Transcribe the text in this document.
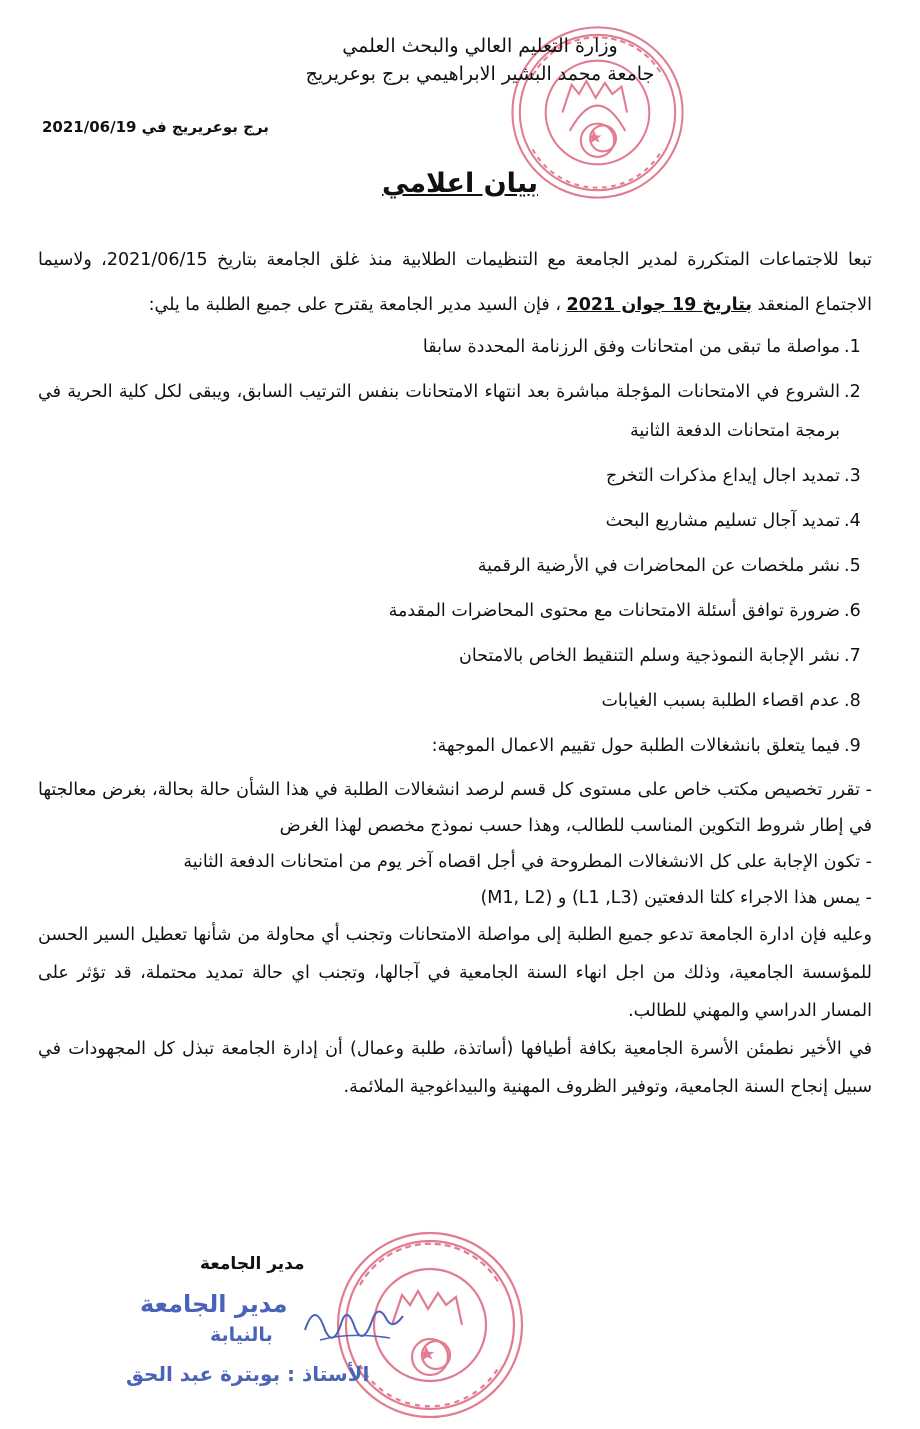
وزارة التعليم العالي والبحث العلمي
جامعة محمد البشير الابراهيمي برج بوعريريج
برج بوعريريج في 2021/06/19
بيان اعلامي

تبعا للاجتماعات المتكررة لمدير الجامعة مع التنظيمات الطلابية منذ غلق الجامعة بتاريخ 2021/06/15، ولاسيما الاجتماع المنعقد بتاريخ 19 جوان 2021 ، فإن السيد مدير الجامعة يقترح على جميع الطلبة ما يلي:

1.
مواصلة ما تبقى من امتحانات وفق الرزنامة المحددة سابقا
2.
الشروع في الامتحانات المؤجلة مباشرة بعد انتهاء الامتحانات بنفس الترتيب السابق، ويبقى لكل كلية الحرية في برمجة امتحانات الدفعة الثانية
3.
تمديد اجال إيداع مذكرات التخرج
4.
تمديد آجال تسليم مشاريع البحث
5.
نشر ملخصات عن المحاضرات في الأرضية الرقمية
6.
ضرورة توافق أسئلة الامتحانات مع محتوى المحاضرات المقدمة
7.
نشر الإجابة النموذجية وسلم التنقيط الخاص بالامتحان
8.
عدم اقصاء الطلبة بسبب الغيابات
9.
فيما يتعلق بانشغالات الطلبة حول تقييم الاعمال الموجهة:

- تقرر تخصيص مكتب خاص على مستوى كل قسم لرصد انشغالات الطلبة في هذا الشأن حالة بحالة، بغرض معالجتها في إطار شروط التكوين المناسب للطالب، وهذا حسب نموذج مخصص لهذا الغرض

- تكون الإجابة على كل الانشغالات المطروحة في أجل اقصاه آخر يوم من امتحانات الدفعة الثانية

- يمس هذا الاجراء كلتا الدفعتين (L1 ,L3) و (M1, L2)

وعليه فإن ادارة الجامعة تدعو جميع الطلبة إلى مواصلة الامتحانات وتجنب أي محاولة من شأنها تعطيل السير الحسن للمؤسسة الجامعية، وذلك من اجل انهاء السنة الجامعية في آجالها، وتجنب اي حالة تمديد محتملة، قد تؤثر على المسار الدراسي والمهني للطالب.

في الأخير نطمئن الأسرة الجامعية بكافة أطيافها (أساتذة، طلبة وعمال) أن إدارة الجامعة تبذل كل المجهودات في سبيل إنجاح السنة الجامعية، وتوفير الظروف المهنية والبيداغوجية الملائمة.

مدير الجامعة
مدير الجامعة
بالنيابة
الأستاذ : بوبترة عبد الحق
